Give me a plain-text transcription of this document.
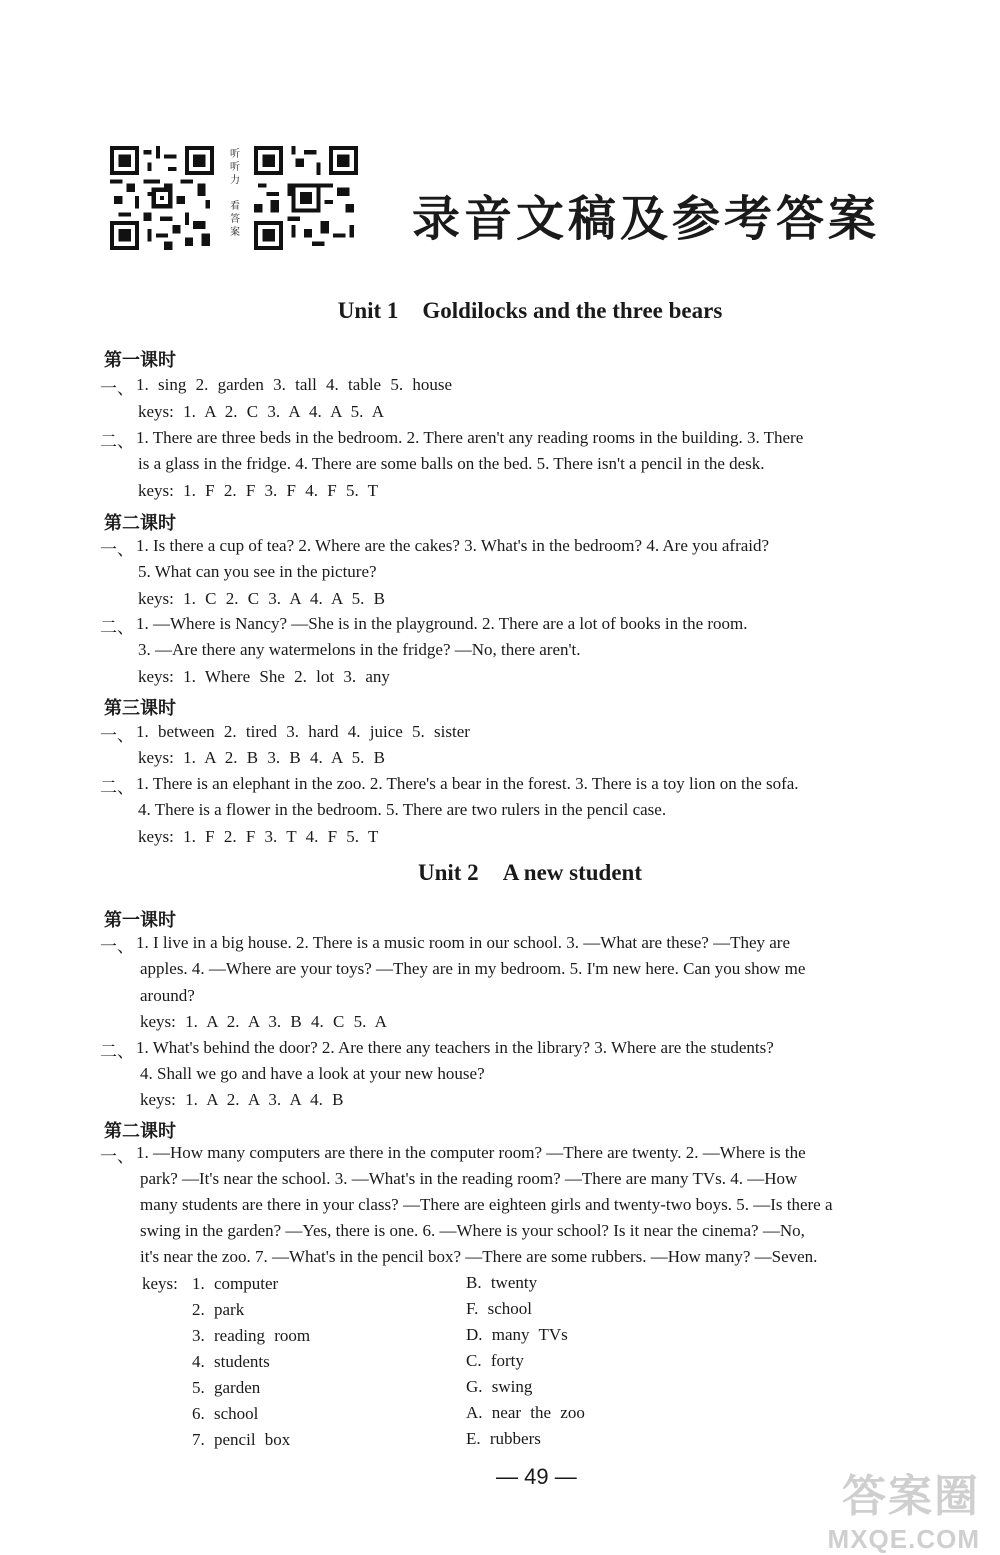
听听力
看答案	录音文稿及参考答案
Unit 1 Goldilocks and the three bears
第一课时
一、 1. sing 2. garden 3. tall 4. table 5. house
keys: 1. A 2. C 3. A 4. A 5. A
二、 1. There are three beds in the bedroom. 2. There aren't any reading rooms in the building. 3. There
is a glass in the fridge. 4. There are some balls on the bed. 5. There isn't a pencil in the desk.
keys: 1. F 2. F 3. F 4. F 5. T
第二课时
一、 1. Is there a cup of tea? 2. Where are the cakes? 3. What's in the bedroom? 4. Are you afraid?
5. What can you see in the picture?
keys: 1. C 2. C 3. A 4. A 5. B
二、 1. —Where is Nancy? —She is in the playground. 2. There are a lot of books in the room.
3. —Are there any watermelons in the fridge? —No, there aren't.
keys: 1. Where She 2. lot 3. any
第三课时
一、 1. between 2. tired 3. hard 4. juice 5. sister
keys: 1. A 2. B 3. B 4. A 5. B
二、 1. There is an elephant in the zoo. 2. There's a bear in the forest. 3. There is a toy lion on the sofa.
4. There is a flower in the bedroom. 5. There are two rulers in the pencil case.
keys: 1. F 2. F 3. T 4. F 5. T
Unit 2 A new student
第一课时
一、 1. I live in a big house. 2. There is a music room in our school. 3. —What are these? —They are
apples. 4. —Where are your toys? —They are in my bedroom. 5. I'm new here. Can you show me
around?
keys: 1. A 2. A 3. B 4. C 5. A
二、 1. What's behind the door? 2. Are there any teachers in the library? 3. Where are the students?
4. Shall we go and have a look at your new house?
keys: 1. A 2. A 3. A 4. B
第二课时
一、 1. —How many computers are there in the computer room? —There are twenty. 2. —Where is the
park? —It's near the school. 3. —What's in the reading room? —There are many TVs. 4. —How
many students are there in your class? —There are eighteen girls and twenty-two boys. 5. —Is there a
swing in the garden? —Yes, there is one. 6. —Where is your school? Is it near the cinema? —No,
it's near the zoo. 7. —What's in the pencil box? —There are some rubbers. —How many? —Seven.
keys: 1. computer
2. park
3. reading room
4. students
5. garden
6. school
7. pencil box
B. twenty
F. school
D. many TVs
C. forty
G. swing
A. near the zoo
E. rubbers
— 49 —	答案圈
MXQE.COM
